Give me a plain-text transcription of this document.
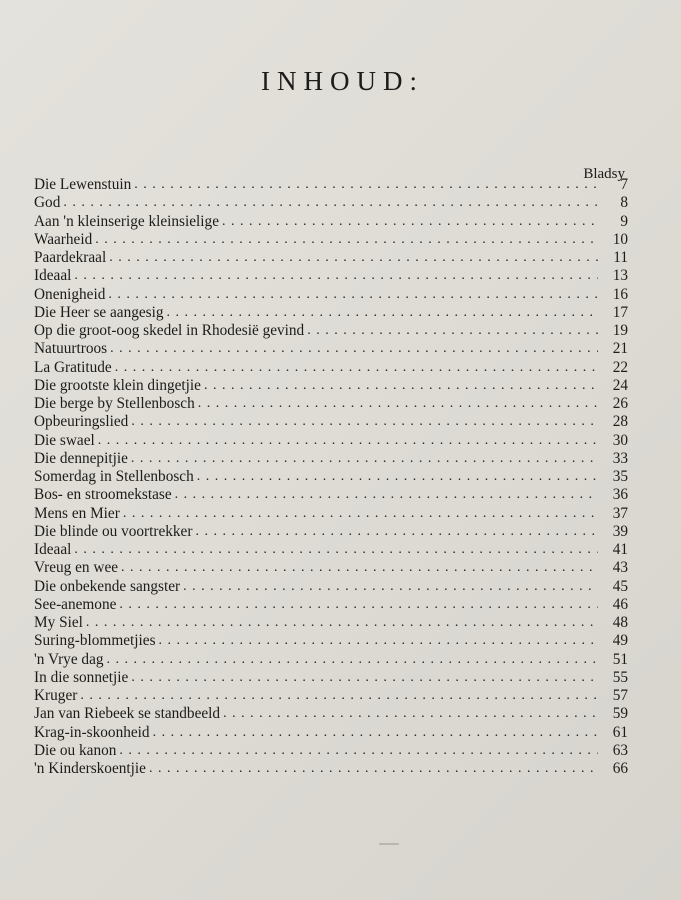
INHOUD:
Bladsy
Die Lewenstuin . . .	7
God . . .	8
Aan 'n kleinserige kleinsielige . . .	9
Waarheid . . .	10
Paardekraal . . .	11
Ideaal . . .	13
Onenigheid . . .	16
Die Heer se aangesig . . .	17
Op die groot-oog skedel in Rhodesië gevind . . .	19
Natuurtroos . . .	21
La Gratitude . . .	22
Die grootste klein dingetjie . . .	24
Die berge by Stellenbosch . . .	26
Opbeuringslied . . .	28
Die swael . . .	30
Die dennepitjie . . .	33
Somerdag in Stellenbosch . . .	35
Bos- en stroomekstase . . .	36
Mens en Mier . . .	37
Die blinde ou voortrekker . . .	39
Ideaal . . .	41
Vreug en wee . . .	43
Die onbekende sangster . . .	45
See-anemone . . .	46
My Siel . . .	48
Suring-blommetjies . . .	49
'n Vrye dag . . .	51
In die sonnetjie . . .	55
Kruger . . .	57
Jan van Riebeek se standbeeld . . .	59
Krag-in-skoonheid . . .	61
Die ou kanon . . .	63
'n Kinderskoentjie . . .	66
